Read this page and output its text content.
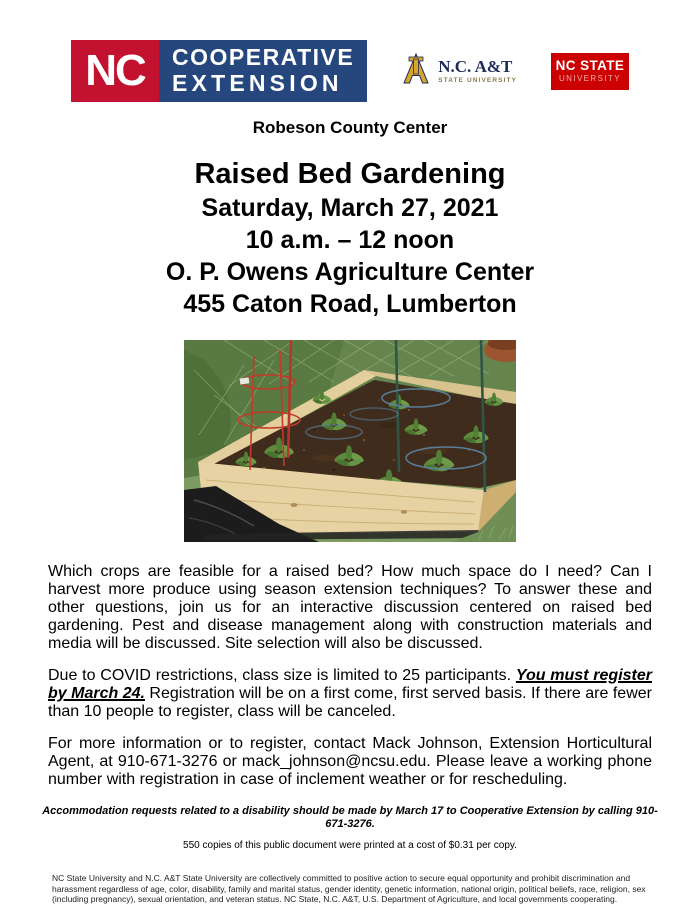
NC	COOPERATIVE
EXTENSION
N.C. A&T
STATE UNIVERSITY
NC STATE
UNIVERSITY
Robeson County Center
Raised Bed Gardening
Saturday, March 27, 2021
10 a.m. – 12 noon
O. P. Owens Agriculture Center
455 Caton Road, Lumberton

Which crops are feasible for a raised bed? How much space do I need? Can I harvest more produce using season extension techniques? To answer these and other questions, join us for an interactive discussion centered on raised bed gardening. Pest and disease management along with construction materials and media will be discussed. Site selection will also be discussed.

Due to COVID restrictions, class size is limited to 25 participants. You must register by March 24. Registration will be on a first come, first served basis. If there are fewer than 10 people to register, class will be canceled.

For more information or to register, contact Mack Johnson, Extension Horticultural Agent, at 910-671-3276 or mack_johnson@ncsu.edu. Please leave a working phone number with registration in case of inclement weather or for rescheduling.

Accommodation requests related to a disability should be made by March 17 to Cooperative Extension by calling 910-671-3276.
550 copies of this public document were printed at a cost of $0.31 per copy.
NC State University and N.C. A&T State University are collectively committed to positive action to secure equal opportunity and prohibit discrimination and harassment regardless of age, color, disability, family and marital status, gender identity, genetic information, national origin, political beliefs, race, religion, sex (including pregnancy), sexual orientation, and veteran status. NC State, N.C. A&T, U.S. Department of Agriculture, and local governments cooperating.
